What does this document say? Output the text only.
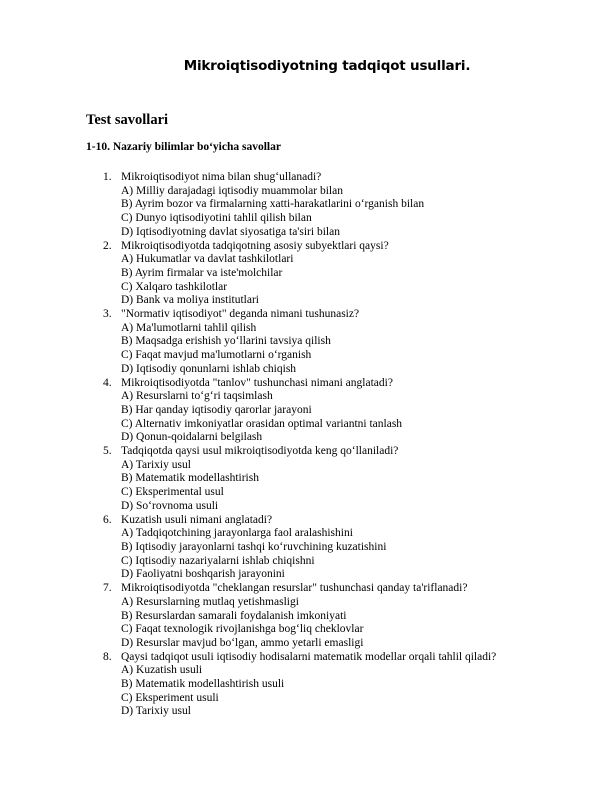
Mikroiqtisodiyotning tadqiqot usullari.
Test savollari
1-10. Nazariy bilimlar bo‘yicha savollar
1. Mikroiqtisodiyot nima bilan shug‘ullanadi?
A) Milliy darajadagi iqtisodiy muammolar bilan
B) Ayrim bozor va firmalarning xatti-harakatlarini o‘rganish bilan
C) Dunyo iqtisodiyotini tahlil qilish bilan
D) Iqtisodiyotning davlat siyosatiga ta'siri bilan
2. Mikroiqtisodiyotda tadqiqotning asosiy subyektlari qaysi?
A) Hukumatlar va davlat tashkilotlari
B) Ayrim firmalar va iste'molchilar
C) Xalqaro tashkilotlar
D) Bank va moliya institutlari
3. "Normativ iqtisodiyot" deganda nimani tushunasiz?
A) Ma'lumotlarni tahlil qilish
B) Maqsadga erishish yo‘llarini tavsiya qilish
C) Faqat mavjud ma'lumotlarni o‘rganish
D) Iqtisodiy qonunlarni ishlab chiqish
4. Mikroiqtisodiyotda "tanlov" tushunchasi nimani anglatadi?
A) Resurslarni to‘g‘ri taqsimlash
B) Har qanday iqtisodiy qarorlar jarayoni
C) Alternativ imkoniyatlar orasidan optimal variantni tanlash
D) Qonun-qoidalarni belgilash
5. Tadqiqotda qaysi usul mikroiqtisodiyotda keng qo‘llaniladi?
A) Tarixiy usul
B) Matematik modellashtirish
C) Eksperimental usul
D) So‘rovnoma usuli
6. Kuzatish usuli nimani anglatadi?
A) Tadqiqotchining jarayonlarga faol aralashishini
B) Iqtisodiy jarayonlarni tashqi ko‘ruvchining kuzatishini
C) Iqtisodiy nazariyalarni ishlab chiqishni
D) Faoliyatni boshqarish jarayonini
7. Mikroiqtisodiyotda "cheklangan resurslar" tushunchasi qanday ta'riflanadi?
A) Resurslarning mutlaq yetishmasligi
B) Resurslardan samarali foydalanish imkoniyati
C) Faqat texnologik rivojlanishga bog‘liq cheklovlar
D) Resurslar mavjud bo‘lgan, ammo yetarli emasligi
8. Qaysi tadqiqot usuli iqtisodiy hodisalarni matematik modellar orqali tahlil qiladi?
A) Kuzatish usuli
B) Matematik modellashtirish usuli
C) Eksperiment usuli
D) Tarixiy usul
